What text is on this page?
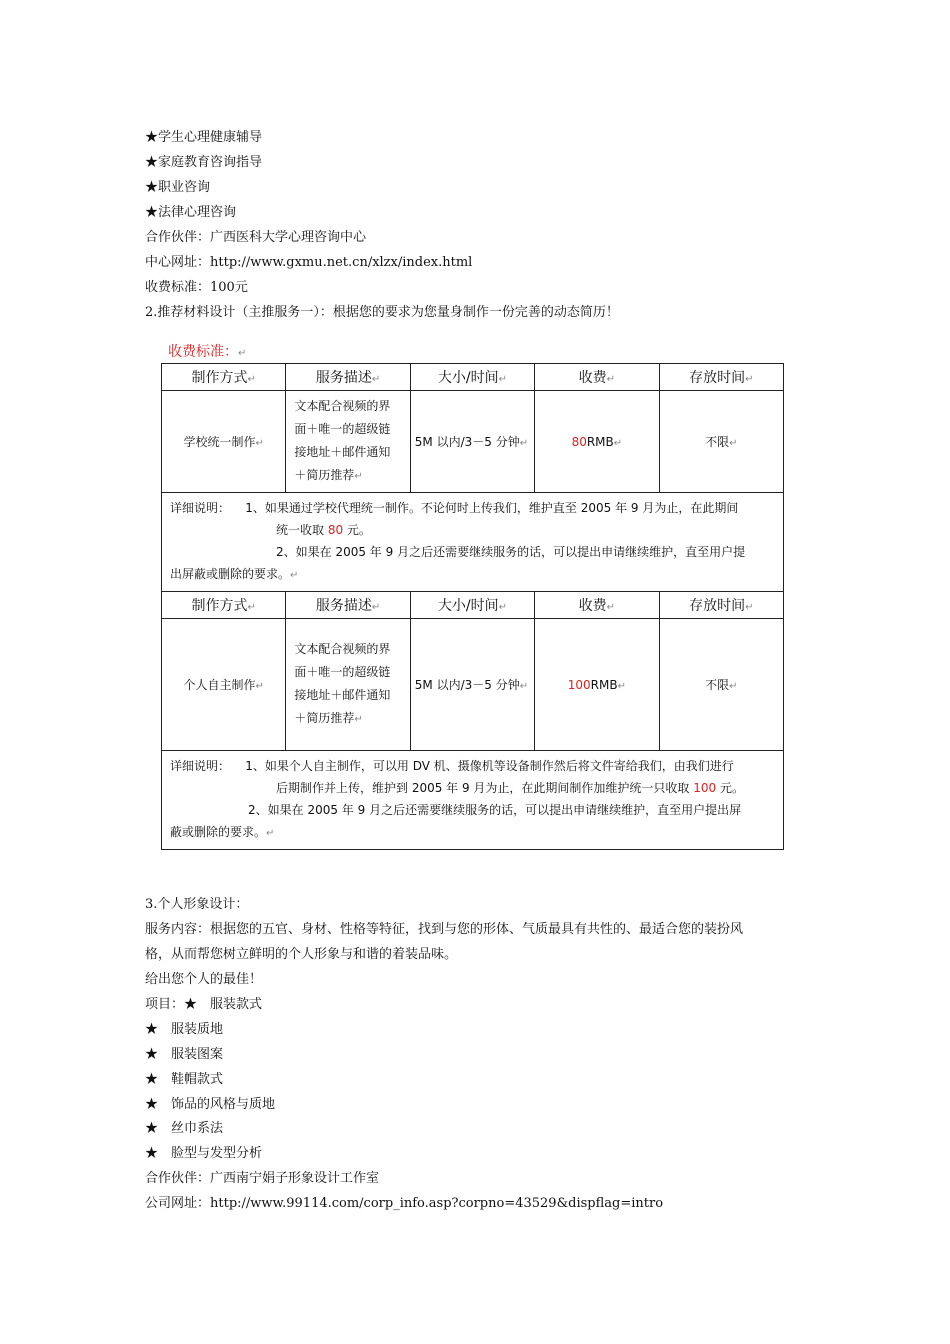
★学生心理健康辅导
★家庭教育咨询指导
★职业咨询
★法律心理咨询
合作伙伴：广西医科大学心理咨询中心
中心网址：http://www.gxmu.net.cn/xlzx/index.html
收费标准：100元
2.推荐材料设计（主推服务一）：根据您的要求为您量身制作一份完善的动态简历！
收费标准：↵
制作方式↵	服务描述↵	大小/时间↵	收费↵	存放时间↵
学校统一制作↵	文本配合视频的界
面＋唯一的超级链
接地址＋邮件通知
＋简历推荐↵	5M 以内/3－5 分钟↵	80RMB↵	不限↵

详细说明： 1、如果通过学校代理统一制作。不论何时上传我们，维护直至 2005 年 9 月为止，在此期间
统一收取 80 元。
2、如果在 2005 年 9 月之后还需要继续服务的话，可以提出申请继续维护，直至用户提
出屏蔽或删除的要求。↵				

制作方式↵	服务描述↵	大小/时间↵	收费↵	存放时间↵
个人自主制作↵	文本配合视频的界
面＋唯一的超级链
接地址＋邮件通知
＋简历推荐↵	5M 以内/3－5 分钟↵	100RMB↵	不限↵

详细说明： 1、如果个人自主制作，可以用 DV 机、摄像机等设备制作然后将文件寄给我们，由我们进行
后期制作并上传，维护到 2005 年 9 月为止，在此期间制作加维护统一只收取 100 元。
2、如果在 2005 年 9 月之后还需要继续服务的话，可以提出申请继续维护，直至用户提出屏
蔽或删除的要求。↵				
3.个人形象设计：
服务内容：根据您的五官、身材、性格等特征，找到与您的形体、气质最具有共性的、最适合您的装扮风
格，从而帮您树立鲜明的个人形象与和谐的着装品味。
给出您个人的最佳！
项目：★　服装款式
★　服装质地
★　服装图案
★　鞋帽款式
★　饰品的风格与质地
★　丝巾系法
★　脸型与发型分析
合作伙伴：广西南宁娟子形象设计工作室
公司网址：http://www.99114.com/corp_info.asp?corpno=43529&dispflag=intro
